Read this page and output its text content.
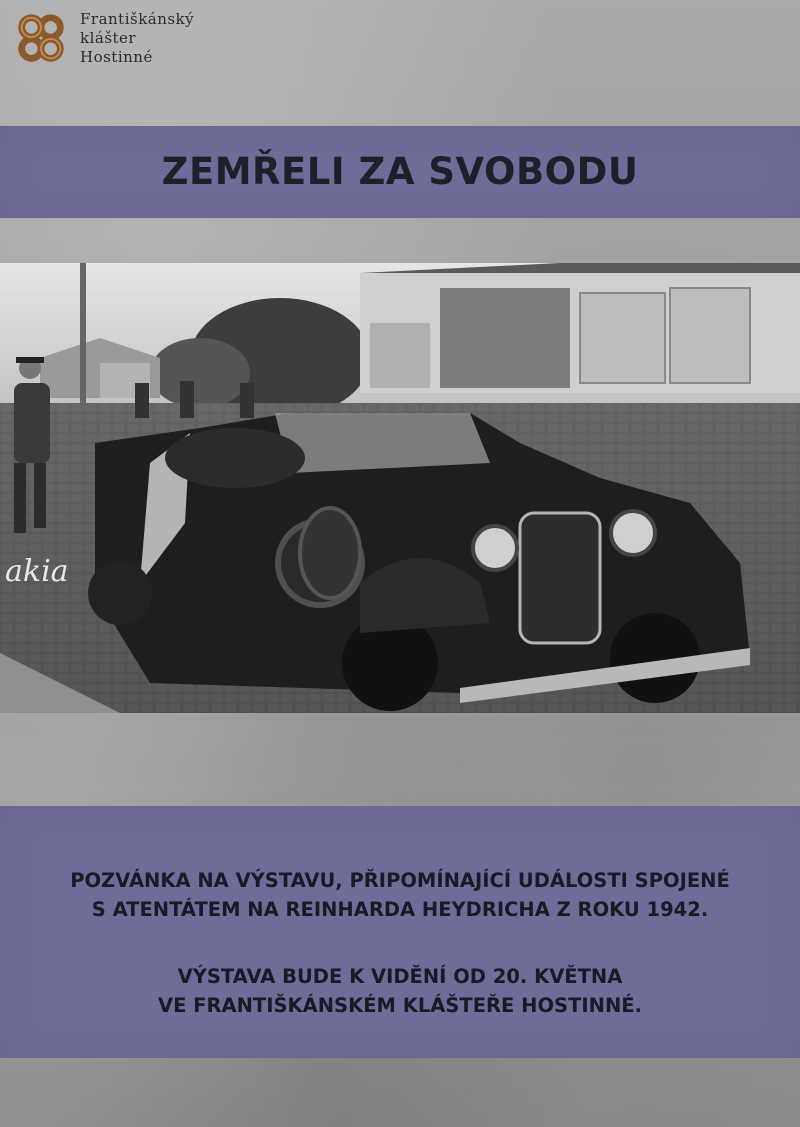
Františkánský
klášter
Hostinné
ZEMŘELI ZA SVOBODU
akia
POZVÁNKA NA VÝSTAVU, PŘIPOMÍNAJÍCÍ UDÁLOSTI SPOJENÉ
S ATENTÁTEM NA REINHARDA HEYDRICHA Z ROKU 1942.
VÝSTAVA BUDE K VIDĚNÍ OD 20. KVĚTNA
VE FRANTIŠKÁNSKÉM KLÁŠTEŘE HOSTINNÉ.
